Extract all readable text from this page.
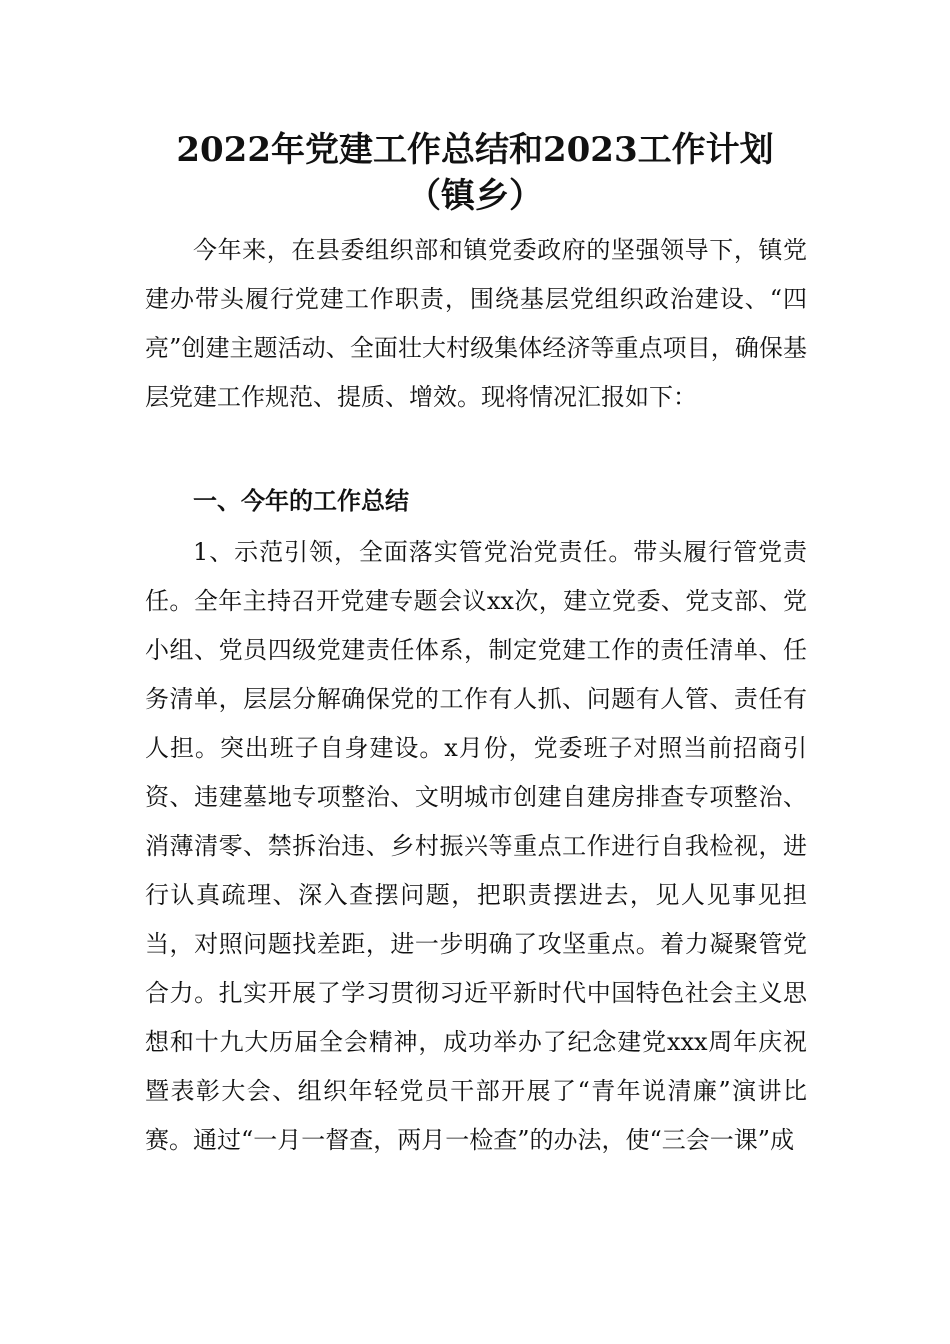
2022年党建工作总结和2023工作计划
（镇乡）

今年来，在县委组织部和镇党委政府的坚强领导下，镇党建办带头履行党建工作职责，围绕基层党组织政治建设、“四亮”创建主题活动、全面壮大村级集体经济等重点项目，确保基层党建工作规范、提质、增效。现将情况汇报如下：

一、今年的工作总结

1、示范引领，全面落实管党治党责任。带头履行管党责任。全年主持召开党建专题会议xx次，建立党委、党支部、党小组、党员四级党建责任体系，制定党建工作的责任清单、任务清单，层层分解确保党的工作有人抓、问题有人管、责任有人担。突出班子自身建设。x月份，党委班子对照当前招商引资、违建墓地专项整治、文明城市创建自建房排查专项整治、消薄清零、禁拆治违、乡村振兴等重点工作进行自我检视，进行认真疏理、深入查摆问题，把职责摆进去，见人见事见担当，对照问题找差距，进一步明确了攻坚重点。着力凝聚管党合力。扎实开展了学习贯彻习近平新时代中国特色社会主义思想和十九大历届全会精神，成功举办了纪念建党xxx周年庆祝暨表彰大会、组织年轻党员干部开展了“青年说清廉”演讲比赛。通过“一月一督查，两月一检查”的办法，使“三会一课”成
